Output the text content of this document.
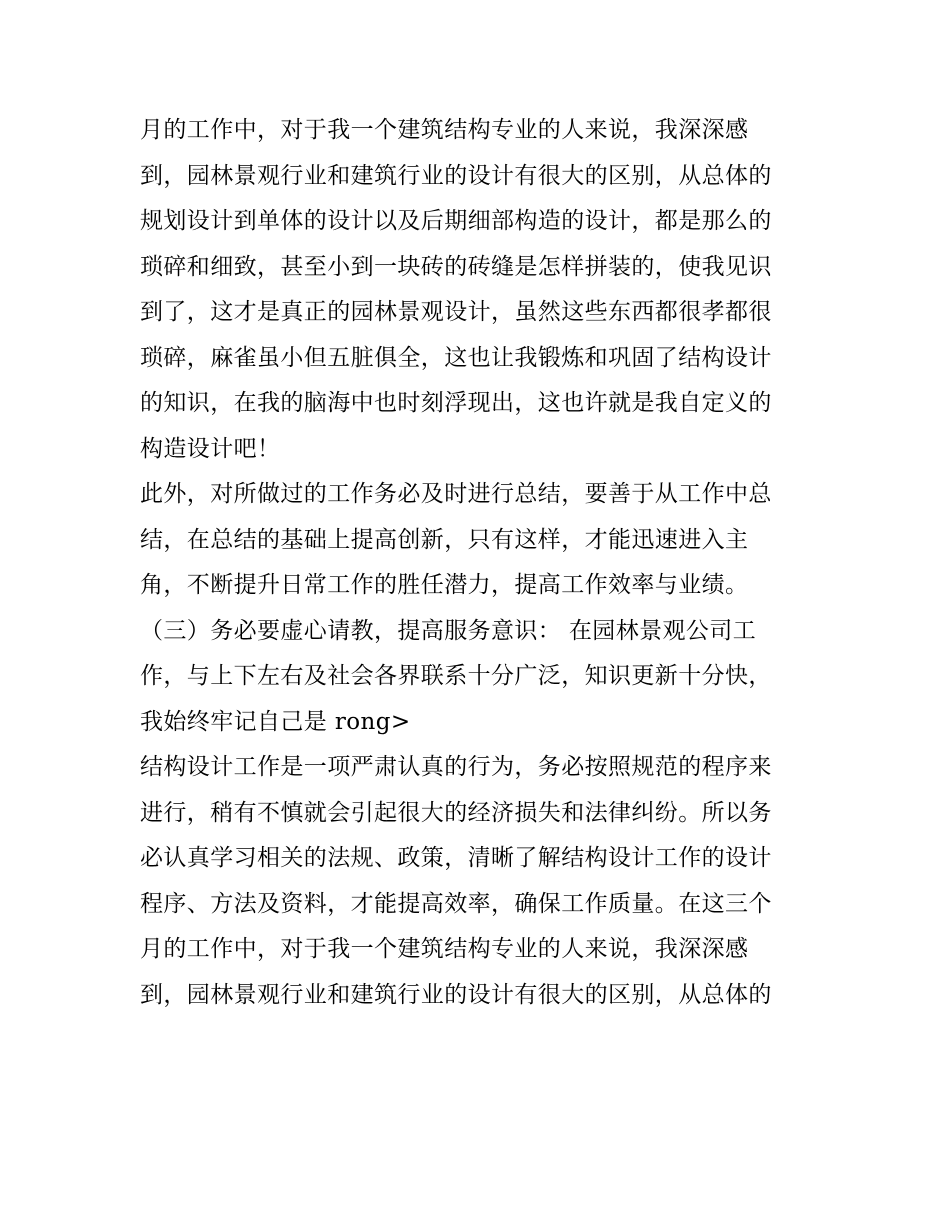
月的工作中，对于我一个建筑结构专业的人来说，我深深感
到，园林景观行业和建筑行业的设计有很大的区别，从总体的
规划设计到单体的设计以及后期细部构造的设计，都是那么的
琐碎和细致，甚至小到一块砖的砖缝是怎样拼装的，使我见识
到了，这才是真正的园林景观设计，虽然这些东西都很孝都很
琐碎，麻雀虽小但五脏俱全，这也让我锻炼和巩固了结构设计
的知识，在我的脑海中也时刻浮现出，这也许就是我自定义的
构造设计吧！
此外，对所做过的工作务必及时进行总结，要善于从工作中总
结，在总结的基础上提高创新，只有这样，才能迅速进入主
角，不断提升日常工作的胜任潜力，提高工作效率与业绩。
（三）务必要虚心请教，提高服务意识： 在园林景观公司工
作，与上下左右及社会各界联系十分广泛，知识更新十分快，
我始终牢记自己是 rong>
结构设计工作是一项严肃认真的行为，务必按照规范的程序来
进行，稍有不慎就会引起很大的经济损失和法律纠纷。所以务
必认真学习相关的法规、政策，清晰了解结构设计工作的设计
程序、方法及资料，才能提高效率，确保工作质量。在这三个
月的工作中，对于我一个建筑结构专业的人来说，我深深感
到，园林景观行业和建筑行业的设计有很大的区别，从总体的
